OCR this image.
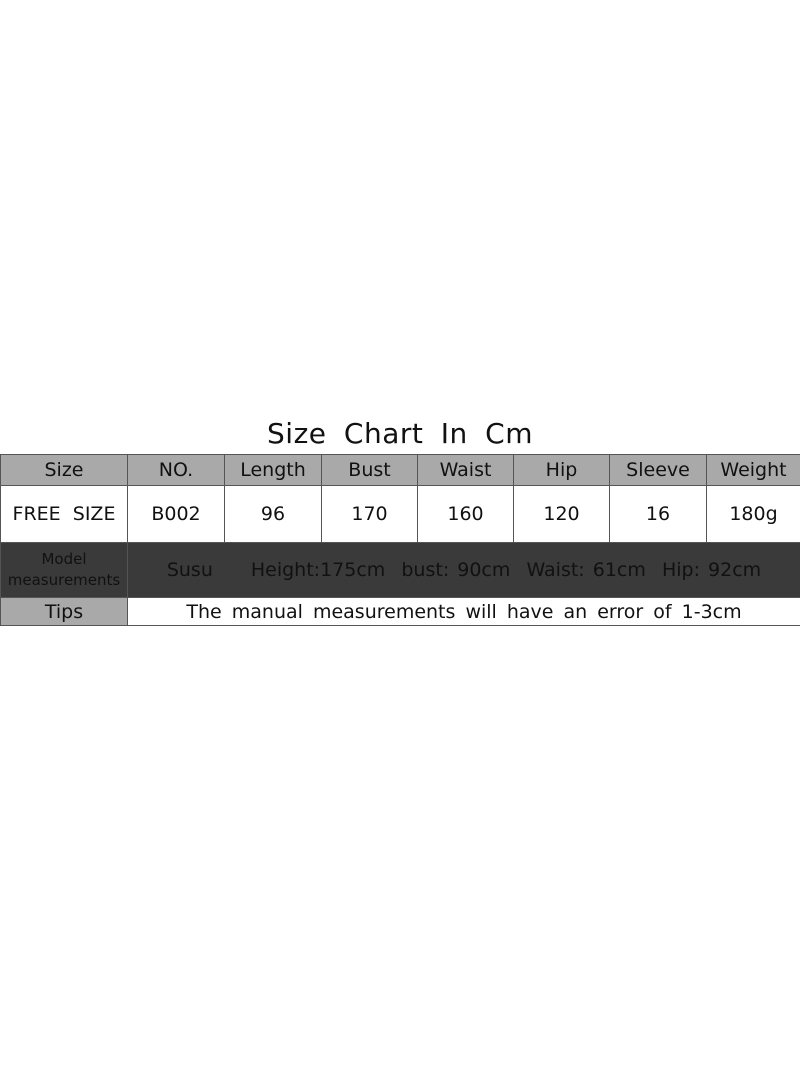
Size Chart In Cm
Size	NO.	Length	Bust	Waist	Hip	Sleeve	Weight
FREE  SIZE	B002	96	170	160	120	16	180g
Model
measurements	Susu Height:175cm  bust: 90cm  Waist: 61cm  Hip: 92cm						
Tips	The manual measurements will have an error of 1-3cm						
